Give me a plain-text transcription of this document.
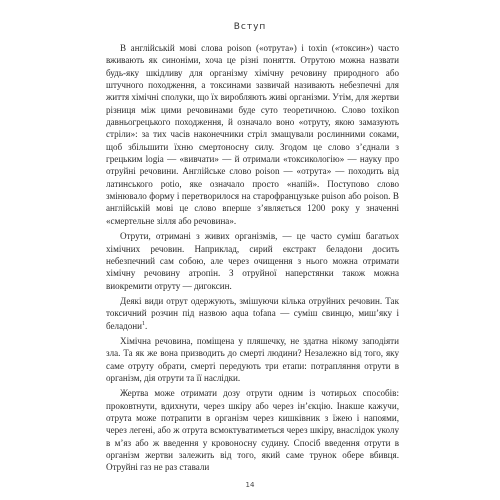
Вступ

В англійській мові слова poison («отрута») і toxin («токсин») часто вживають як синоніми, хоча це різні поняття. Отрутою можна назвати будь-яку шкідливу для організму хімічну речовину природного або штучного походження, а токсинами зазвичай називають небезпечні для життя хімічні сполуки, що їх виробляють живі організми. Утім, для жертви різниця між цими речовинами буде суто теоретичною. Слово toxikon давньогрецького походження, й означало воно «отруту, якою замазують стріли»: за тих часів наконечники стріл змащували рослинними соками, щоб збільшити їхню смертоносну силу. Згодом це слово з’єднали з грецьким logia — «вивчати» — й отримали «токсикологію» — науку про отруйні речовини. Англійське слово poison — «отрута» — походить від латинського potio, яке означало просто «напій». Поступово слово змінювало форму і перетворилося на старофранцузьке puison або poison. В англійській мові це слово вперше з’являється 1200 року у значенні «смертельне зілля або речовина».

Отрути, отримані з живих організмів, — це часто суміш багатьох хімічних речовин. Наприклад, сирий екстракт беладони досить небезпечний сам собою, але через очищення з нього можна отримати хімічну речовину атропін. З отруйної наперстянки також можна виокремити отруту — дигоксин.

Деякі види отрут одержують, змішуючи кілька отруйних речовин. Так токсичний розчин під назвою aqua tofana — суміш свинцю, миш’яку і беладони$^1$.

Хімічна речовина, поміщена у пляшечку, не здатна нікому заподіяти зла. Та як же вона призводить до смерті людини? Незалежно від того, яку саме отруту обрати, смерті передують три етапи: потрапляння отрути в організм, дія отрути та її наслідки.

Жертва може отримати дозу отрути одним із чотирьох способів: проковтнути, вдихнути, через шкіру або через ін’єкцію. Інакше кажучи, отрута може потрапити в організм через кишківник з їжею і напоями, через легені, або ж отрута всмоктуватиметься через шкіру, внаслідок уколу в м’яз або ж введення у кровоносну судину. Спосіб введення отрути в організм жертви залежить від того, який саме трунок обере вбивця. Отруйні газ не раз ставали

14
